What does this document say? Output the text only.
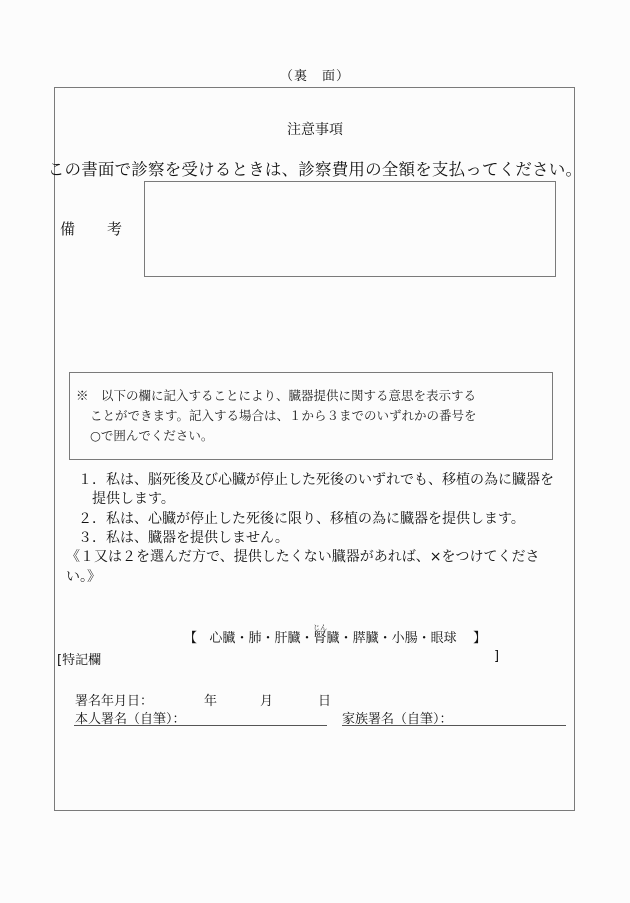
（裏　面）
注意事項
この書面で診察を受けるときは、診察費用の全額を支払ってください。
備 考
※　以下の欄に記入することにより、臓器提供に関する意思を表示する
ことができます。記入する場合は、１から３までのいずれかの番号を
○で囲んでください。
１．私は、脳死後及び心臓が停止した死後のいずれでも、移植の為に臓器を
提供します。
２．私は、心臓が停止した死後に限り、移植の為に臓器を提供します。
３．私は、臓器を提供しません。
《１又は２を選んだ方で、提供したくない臓器があれば、×をつけてくださ
い。》
【 心臓・肺・肝臓・腎じん臓・膵臓・小腸・眼球 】
[特記欄	]
署名年月日：	年	月	日
本人署名（自筆）：	家族署名（自筆）：
